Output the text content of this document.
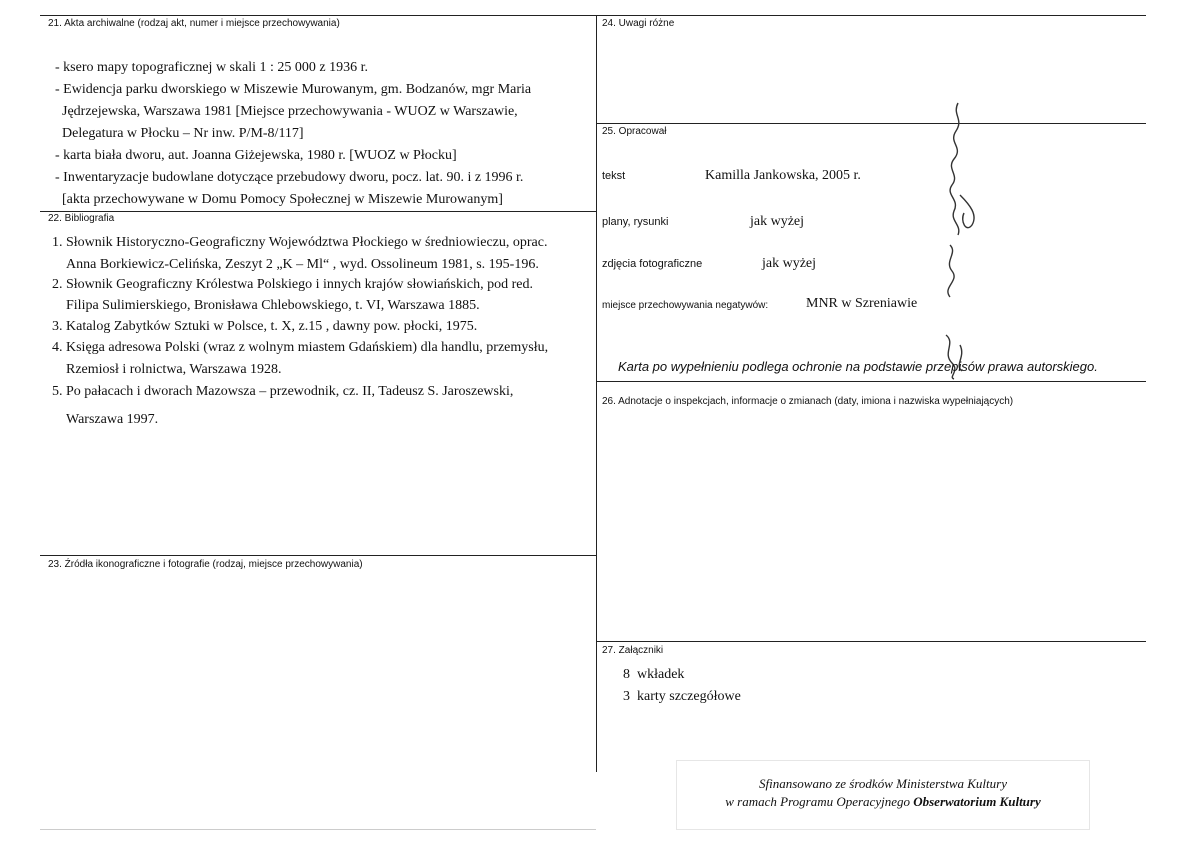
21. Akta archiwalne (rodzaj akt, numer i miejsce przechowywania)
- ksero mapy topograficznej w skali 1 : 25 000 z 1936 r.
- Ewidencja parku dworskiego w Miszewie Murowanym, gm. Bodzanów, mgr Maria
Jędrzejewska, Warszawa 1981 [Miejsce przechowywania - WUOZ w Warszawie,
Delegatura w Płocku – Nr inw. P/M-8/117]
- karta biała dworu, aut. Joanna Giżejewska, 1980 r. [WUOZ w Płocku]
- Inwentaryzacje budowlane dotyczące przebudowy dworu, pocz. lat. 90. i z 1996 r.
[akta przechowywane w Domu Pomocy Społecznej w Miszewie Murowanym]
22. Bibliografia
1. Słownik Historyczno-Geograficzny Województwa Płockiego w średniowieczu, oprac.
Anna Borkiewicz-Celińska, Zeszyt 2 „K – Ml“ , wyd. Ossolineum 1981, s. 195-196.
2. Słownik Geograficzny Królestwa Polskiego i innych krajów słowiańskich, pod red.
Filipa Sulimierskiego, Bronisława Chlebowskiego, t. VI, Warszawa 1885.
3. Katalog Zabytków Sztuki w Polsce, t. X, z.15 , dawny pow. płocki, 1975.
4. Księga adresowa Polski (wraz z wolnym miastem Gdańskiem) dla handlu, przemysłu,
Rzemiosł i rolnictwa, Warszawa 1928.
5. Po pałacach i dworach Mazowsza – przewodnik, cz. II, Tadeusz S. Jaroszewski,
Warszawa 1997.
23. Źródła ikonograficzne i fotografie (rodzaj, miejsce przechowywania)
24. Uwagi różne
25. Opracował
tekst	Kamilla Jankowska, 2005 r.
plany, rysunki	jak wyżej
zdjęcia fotograficzne	jak wyżej
miejsce przechowywania negatywów:	MNR w Szreniawie
Karta po wypełnieniu podlega ochronie na podstawie przepisów prawa autorskiego.
26. Adnotacje o inspekcjach, informacje o zmianach (daty, imiona i nazwiska wypełniających)
27. Załączniki
8  wkładek
3  karty szczegółowe
Sfinansowano ze środków Ministerstwa Kultury
w ramach Programu Operacyjnego Obserwatorium Kultury
